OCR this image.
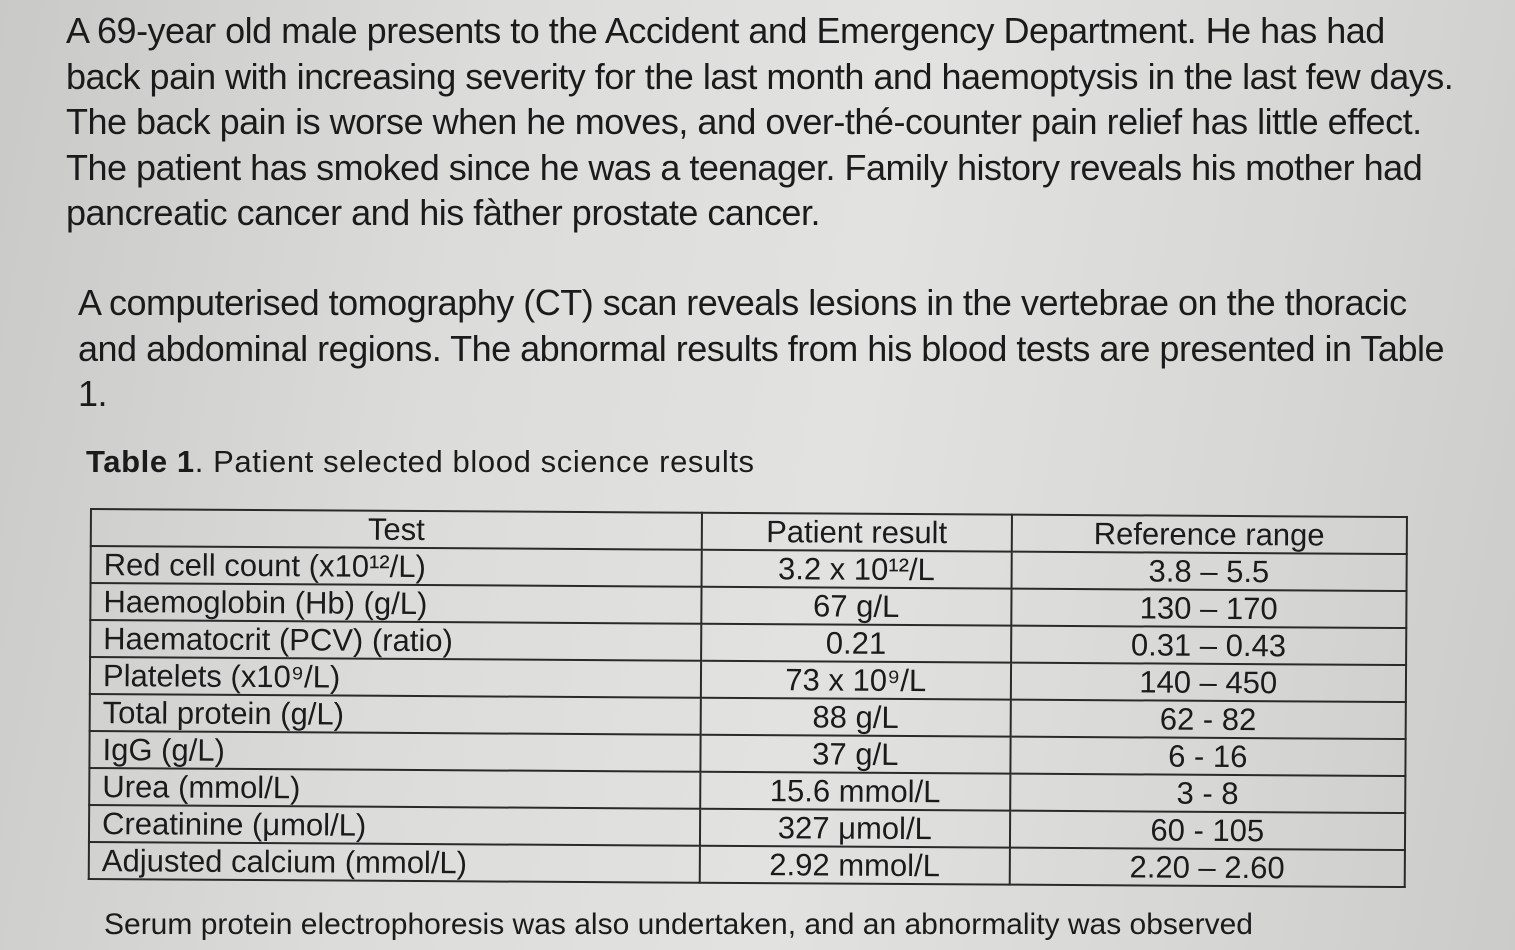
A 69-year old male presents to the Accident and Emergency Department. He has had back pain with increasing severity for the last month and haemoptysis in the last few days. The back pain is worse when he moves, and over-thé-counter pain relief has little effect. The patient has smoked since he was a teenager. Family history reveals his mother had pancreatic cancer and his fàther prostate cancer.

A computerised tomography (CT) scan reveals lesions in the vertebrae on the thoracic and abdominal regions. The abnormal results from his blood tests are presented in Table 1.

Table 1. Patient selected blood science results

Test	Patient result	Reference range
Red cell count (x10¹²/L)	3.2 x 10¹²/L	3.8 – 5.5
Haemoglobin (Hb) (g/L)	67 g/L	130 – 170
Haematocrit (PCV) (ratio)	0.21	0.31 – 0.43
Platelets (x10⁹/L)	73 x 10⁹/L	140 – 450
Total protein (g/L)	88 g/L	62 - 82
IgG (g/L)	37 g/L	6 - 16
Urea (mmol/L)	15.6 mmol/L	3 - 8
Creatinine (μmol/L)	327 μmol/L	60 - 105
Adjusted calcium (mmol/L)	2.92 mmol/L	2.20 – 2.60

Serum protein electrophoresis was also undertaken, and an abnormality was observed
